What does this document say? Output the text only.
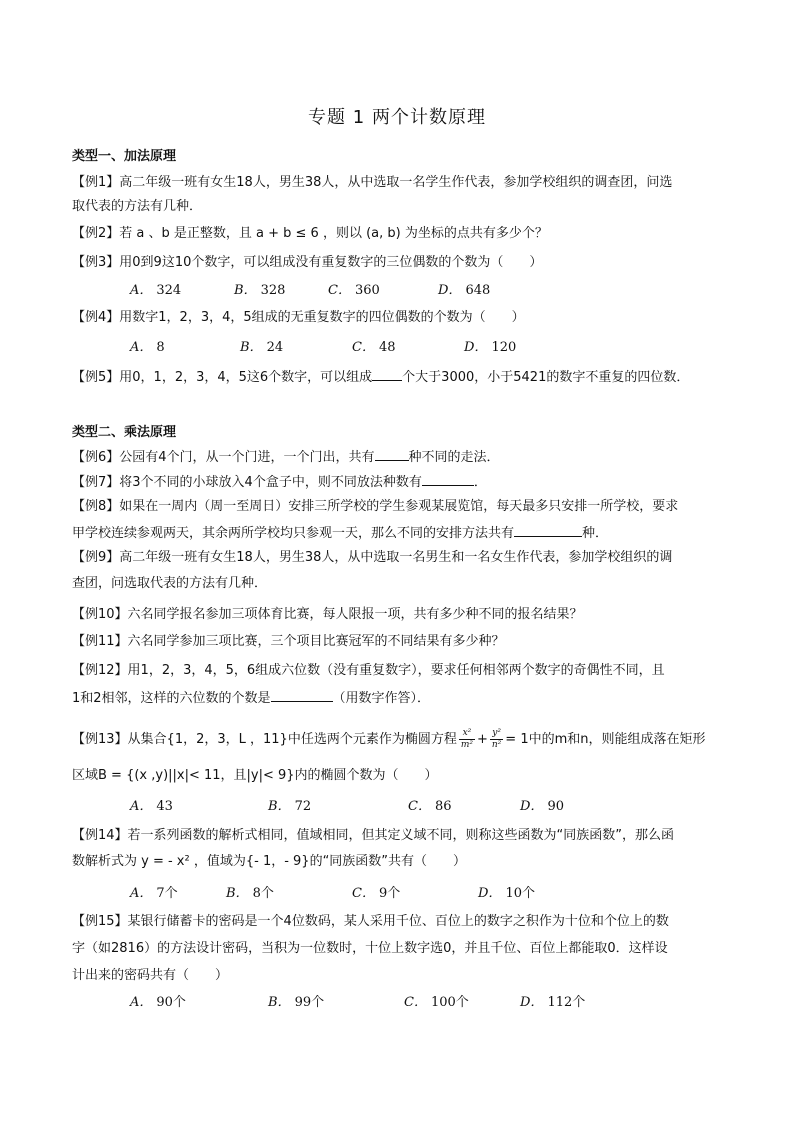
专题 1 两个计数原理
类型一、加法原理
【例1】高二年级一班有女生18人，男生38人，从中选取一名学生作代表，参加学校组织的调查团，问选
取代表的方法有几种．
【例2】若 a 、b 是正整数，且 a + b ≤ 6 ，则以 (a, b) 为坐标的点共有多少个？
【例3】用0到9这10个数字，可以组成没有重复数字的三位偶数的个数为（　　）
A． 324	B． 328	C． 360	D． 648
【例4】用数字1，2，3，4，5组成的无重复数字的四位偶数的个数为（　　）
A． 8	B． 24	C． 48	D． 120
【例5】用0，1，2，3，4，5这6个数字，可以组成 个大于3000，小于5421的数字不重复的四位数．
类型二、乘法原理
【例6】公园有4个门，从一个门进，一个门出，共有	种不同的走法．
【例7】将3个不同的小球放入4个盒子中，则不同放法种数有	．
【例8】如果在一周内（周一至周日）安排三所学校的学生参观某展览馆，每天最多只安排一所学校，要求
甲学校连续参观两天，其余两所学校均只参观一天，那么不同的安排方法共有	种．
【例9】高二年级一班有女生18人，男生38人，从中选取一名男生和一名女生作代表，参加学校组织的调
查团，问选取代表的方法有几种．
【例10】六名同学报名参加三项体育比赛，每人限报一项，共有多少种不同的报名结果？
【例11】六名同学参加三项比赛，三个项目比赛冠军的不同结果有多少种？
【例12】用1，2，3，4，5，6组成六位数（没有重复数字），要求任何相邻两个数字的奇偶性不同，且
1和2相邻，这样的六位数的个数是	（用数字作答）．
【例13】从集合{1，2，3，L ，11}中任选两个元素作为椭圆方程 $\frac{\text{x²}}{\text{m²}} + \frac{\text{y²}}{\text{n²}} = 1$中的m和n，则能组成落在矩形
区域B = {(x ,y)||x|< 11，且|y|< 9}内的椭圆个数为（　　）
A． 43	B． 72	C． 86	D． 90
【例14】若一系列函数的解析式相同，值域相同，但其定义域不同，则称这些函数为“同族函数”，那么函
数解析式为 y = - x² ，值域为{- 1，- 9}的“同族函数”共有（　　）
A． 7个	B． 8个	C． 9个	D． 10个
【例15】某银行储蓄卡的密码是一个4位数码，某人采用千位、百位上的数字之积作为十位和个位上的数
字（如2816）的方法设计密码，当积为一位数时，十位上数字选0，并且千位、百位上都能取0．这样设
计出来的密码共有（　　）
A． 90个	B． 99个	C． 100个	D． 112个
